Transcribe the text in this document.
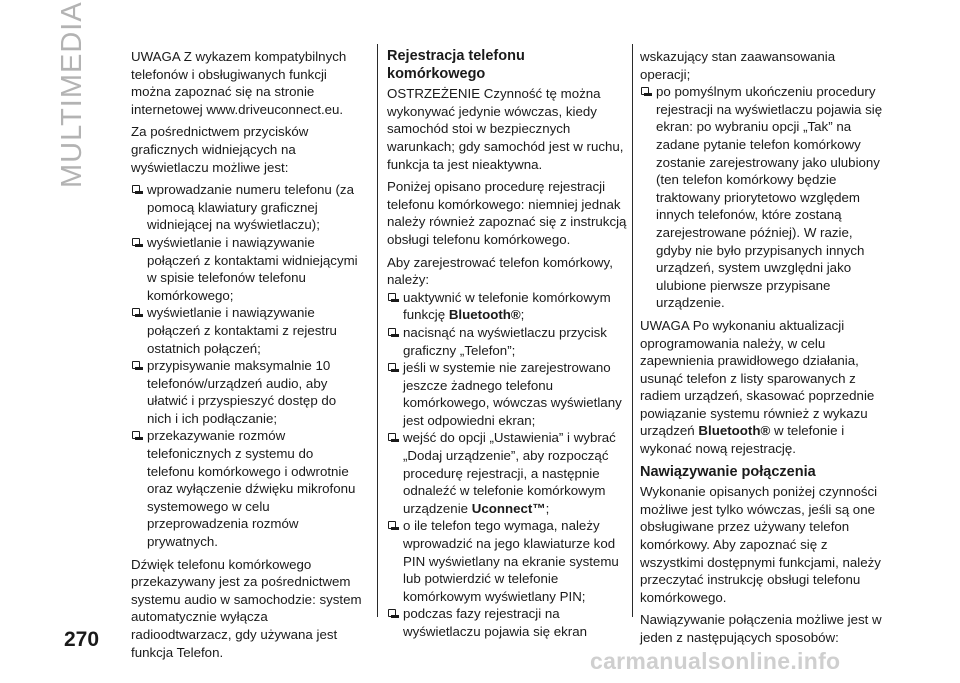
MULTIMEDIA	UWAGA Z wykazem kompatybilnych telefonów i obsługiwanych funkcji można zapoznać się na stronie internetowej www.driveuconnect.eu.

Za pośrednictwem przycisków graficznych widniejących na wyświetlaczu możliwe jest:

wprowadzanie numeru telefonu (za pomocą klawiatury graficznej widniejącej na wyświetlaczu);
wyświetlanie i nawiązywanie połączeń z kontaktami widniejącymi w spisie telefonów telefonu komórkowego;
wyświetlanie i nawiązywanie połączeń z kontaktami z rejestru ostatnich połączeń;
przypisywanie maksymalnie 10 telefonów/urządzeń audio, aby ułatwić i przyspieszyć dostęp do nich i ich podłączanie;
przekazywanie rozmów telefonicznych z systemu do telefonu komórkowego i odwrotnie oraz wyłączenie dźwięku mikrofonu systemowego w celu przeprowadzenia rozmów prywatnych.

Dźwięk telefonu komórkowego przekazywany jest za pośrednictwem systemu audio w samochodzie: system automatycznie wyłącza radioodtwarzacz, gdy używana jest funkcja Telefon.

Rejestracja telefonu komórkowego

OSTRZEŻENIE Czynność tę można wykonywać jedynie wówczas, kiedy samochód stoi w bezpiecznych warunkach; gdy samochód jest w ruchu, funkcja ta jest nieaktywna.

Poniżej opisano procedurę rejestracji telefonu komórkowego: niemniej jednak należy również zapoznać się z instrukcją obsługi telefonu komórkowego.

Aby zarejestrować telefon komórkowy, należy:

uaktywnić w telefonie komórkowym funkcję Bluetooth®;
nacisnąć na wyświetlaczu przycisk graficzny „Telefon”;
jeśli w systemie nie zarejestrowano jeszcze żadnego telefonu komórkowego, wówczas wyświetlany jest odpowiedni ekran;
wejść do opcji „Ustawienia” i wybrać „Dodaj urządzenie”, aby rozpocząć procedurę rejestracji, a następnie odnaleźć w telefonie komórkowym urządzenie Uconnect™;
o ile telefon tego wymaga, należy wprowadzić na jego klawiaturze kod PIN wyświetlany na ekranie systemu lub potwierdzić w telefonie komórkowym wyświetlany PIN;
podczas fazy rejestracji na wyświetlaczu pojawia się ekran

wskazujący stan zaawansowania operacji;

po pomyślnym ukończeniu procedury rejestracji na wyświetlaczu pojawia się ekran: po wybraniu opcji „Tak” na zadane pytanie telefon komórkowy zostanie zarejestrowany jako ulubiony (ten telefon komórkowy będzie traktowany priorytetowo względem innych telefonów, które zostaną zarejestrowane później). W razie, gdyby nie było przypisanych innych urządzeń, system uwzględni jako ulubione pierwsze przypisane urządzenie.

UWAGA Po wykonaniu aktualizacji oprogramowania należy, w celu zapewnienia prawidłowego działania, usunąć telefon z listy sparowanych z radiem urządzeń, skasować poprzednie powiązanie systemu również z wykazu urządzeń Bluetooth® w telefonie i wykonać nową rejestrację.

Nawiązywanie połączenia

Wykonanie opisanych poniżej czynności możliwe jest tylko wówczas, jeśli są one obsługiwane przez używany telefon komórkowy. Aby zapoznać się z wszystkimi dostępnymi funkcjami, należy przeczytać instrukcję obsługi telefonu komórkowego.

Nawiązywanie połączenia możliwe jest w jeden z następujących sposobów:

270
carmanualsonline.info
